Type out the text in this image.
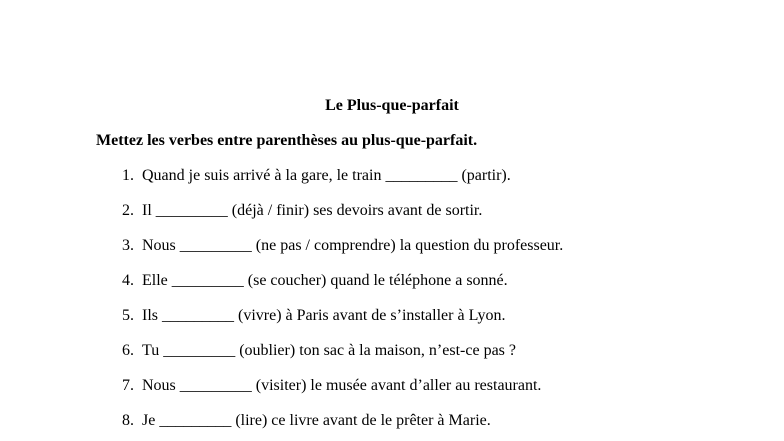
Le Plus-que-parfait
Mettez les verbes entre parenthèses au plus-que-parfait.
1. Quand je suis arrivé à la gare, le train _________ (partir).
2. Il _________ (déjà / finir) ses devoirs avant de sortir.
3. Nous _________ (ne pas / comprendre) la question du professeur.
4. Elle _________ (se coucher) quand le téléphone a sonné.
5. Ils _________ (vivre) à Paris avant de s’installer à Lyon.
6. Tu _________ (oublier) ton sac à la maison, n’est-ce pas ?
7. Nous _________ (visiter) le musée avant d’aller au restaurant.
8. Je _________ (lire) ce livre avant de le prêter à Marie.
